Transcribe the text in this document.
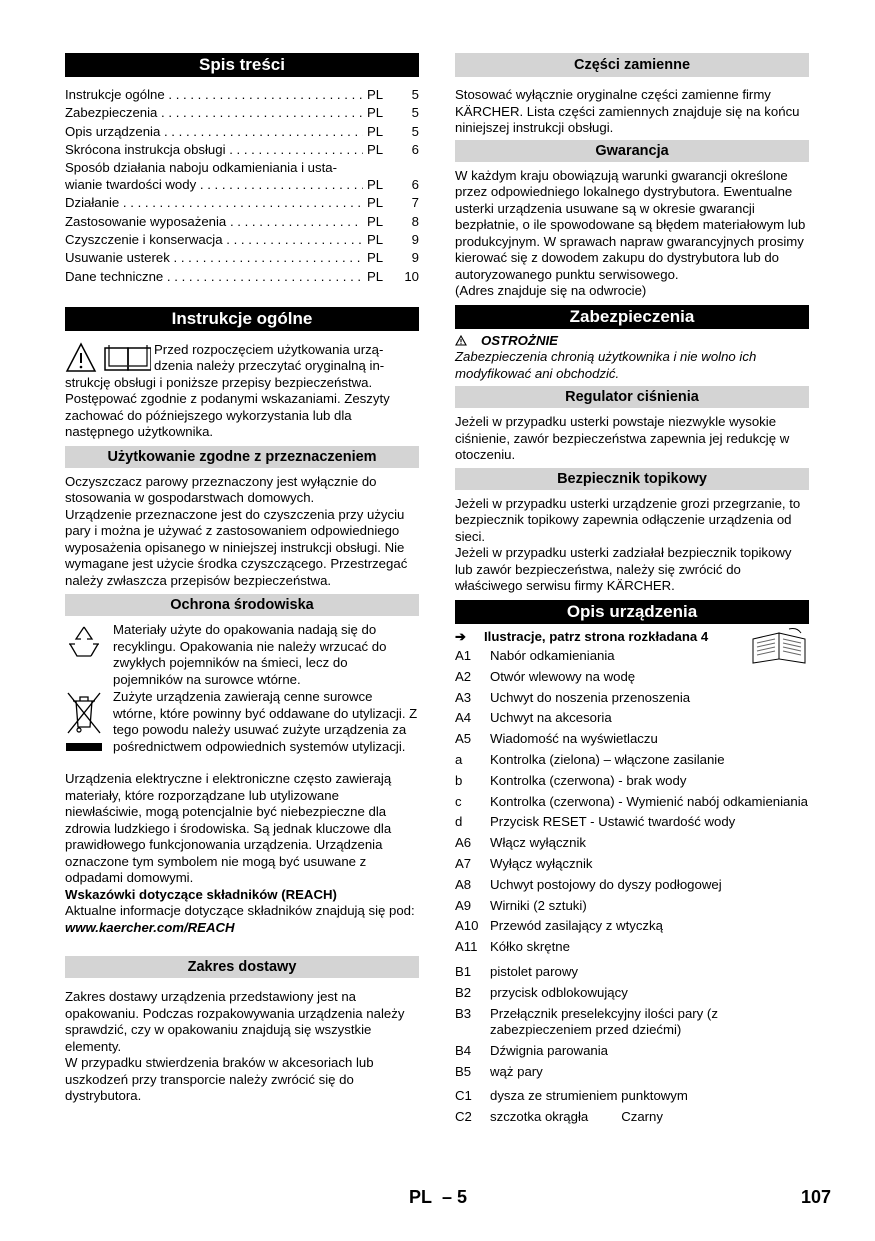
Spis treści
Instrukcje ogólne . . .	PL	5
Zabezpieczenia . . .	PL	5
Opis urządzenia . . .	PL	5
Skrócona instrukcja obsługi . . .	PL	6
Sposób działania naboju odkamieniania i usta-
wianie twardości wody . . .	PL	6
Działanie . . .	PL	7
Zastosowanie wyposażenia . . .	PL	8
Czyszczenie i konserwacja . . .	PL	9
Usuwanie usterek . . .	PL	9
Dane techniczne . . .	PL	10
Instrukcje ogólne

Przed rozpoczęciem użytkowania urzą-

dzenia należy przeczytać oryginalną in-

strukcję obsługi i poniższe przepisy bezpieczeństwa. Postępować zgodnie z podanymi wskazaniami. Zeszyty zachować do późniejszego wykorzystania lub dla następnego użytkownika.

Użytkowanie zgodne z przeznaczeniem

Oczyszczacz parowy przeznaczony jest wyłącznie do stosowania w gospodarstwach domowych.

Urządzenie przeznaczone jest do czyszczenia przy użyciu pary i można je używać z zastosowaniem odpowiedniego wyposażenia opisanego w niniejszej instrukcji obsługi. Nie wymagane jest użycie środka czyszczącego. Przestrzegać należy zwłaszcza przepisów bezpieczeństwa.

Ochrona środowiska
Materiały użyte do opakowania nadają się do recyklingu. Opakowania nie należy wrzucać do zwykłych pojemników na śmieci, lecz do pojemników na surowce wtórne.
Zużyte urządzenia zawierają cenne surowce wtórne, które powinny być oddawane do utylizacji. Z tego powodu należy usuwać zużyte urządzenia za pośrednictwem odpowiednich systemów utylizacji.

Urządzenia elektryczne i elektroniczne często zawierają materiały, które rozporządzane lub utylizowane niewłaściwie, mogą potencjalnie być niebezpieczne dla zdrowia ludzkiego i środowiska. Są jednak kluczowe dla prawidłowego funkcjonowania urządzenia. Urządzenia oznaczone tym symbolem nie mogą być usuwane z odpadami domowymi.

Wskazówki dotyczące składników (REACH)

Aktualne informacje dotyczące składników znajdują się pod:

www.kaercher.com/REACH

Zakres dostawy

Zakres dostawy urządzenia przedstawiony jest na opakowaniu. Podczas rozpakowywania urządzenia należy sprawdzić, czy w opakowaniu znajdują się wszystkie elementy.

W przypadku stwierdzenia braków w akcesoriach lub uszkodzeń przy transporcie należy zwrócić się do dystrybutora.

Części zamienne

Stosować wyłącznie oryginalne części zamienne firmy KÄRCHER. Lista części zamiennych znajduje się na końcu niniejszej instrukcji obsługi.

Gwarancja

W każdym kraju obowiązują warunki gwarancji określone przez odpowiedniego lokalnego dystrybutora. Ewentualne usterki urządzenia usuwane są w okresie gwarancji bezpłatnie, o ile spowodowane są błędem materiałowym lub produkcyjnym. W sprawach napraw gwarancyjnych prosimy kierować się z dowodem zakupu do dystrybutora lub do autoryzowanego punktu serwisowego.

(Adres znajduje się na odwrocie)

Zabezpieczenia

OSTROŻNIE

Zabezpieczenia chronią użytkownika i nie wolno ich modyfikować ani obchodzić.

Regulator ciśnienia

Jeżeli w przypadku usterki powstaje niezwykle wysokie ciśnienie, zawór bezpieczeństwa zapewnia jej redukcję w otoczeniu.

Bezpiecznik topikowy

Jeżeli w przypadku usterki urządzenie grozi przegrzanie, to bezpiecznik topikowy zapewnia odłączenie urządzenia od sieci.

Jeżeli w przypadku usterki zadziałał bezpiecznik topikowy lub zawór bezpieczeństwa, należy się zwrócić do właściwego serwisu firmy KÄRCHER.

Opis urządzenia

➔ Ilustracje, patrz strona rozkładana 4

A1	Nabór odkamieniania
A2	Otwór wlewowy na wodę
A3	Uchwyt do noszenia przenoszenia
A4	Uchwyt na akcesoria
A5	Wiadomość na wyświetlaczu
a	Kontrolka (zielona) – włączone zasilanie
b	Kontrolka (czerwona) - brak wody
c	Kontrolka (czerwona) - Wymienić nabój odkamieniania
d	Przycisk RESET - Ustawić twardość wody
A6	Włącz wyłącznik
A7	Wyłącz wyłącznik
A8	Uchwyt postojowy do dyszy podłogowej
A9	Wirniki (2 sztuki)
A10 Przewód zasilający z wtyczką
A11 Kółko skrętne
B1	pistolet parowy
B2	przycisk odblokowujący
B3	Przełącznik preselekcyjny ilości pary (z zabezpieczeniem przed dziećmi)
B4	Dźwignia parowania
B5	wąż pary
C1	dysza ze strumieniem punktowym
C2	szczotka okrągła	Czarny
PL – 5	107
